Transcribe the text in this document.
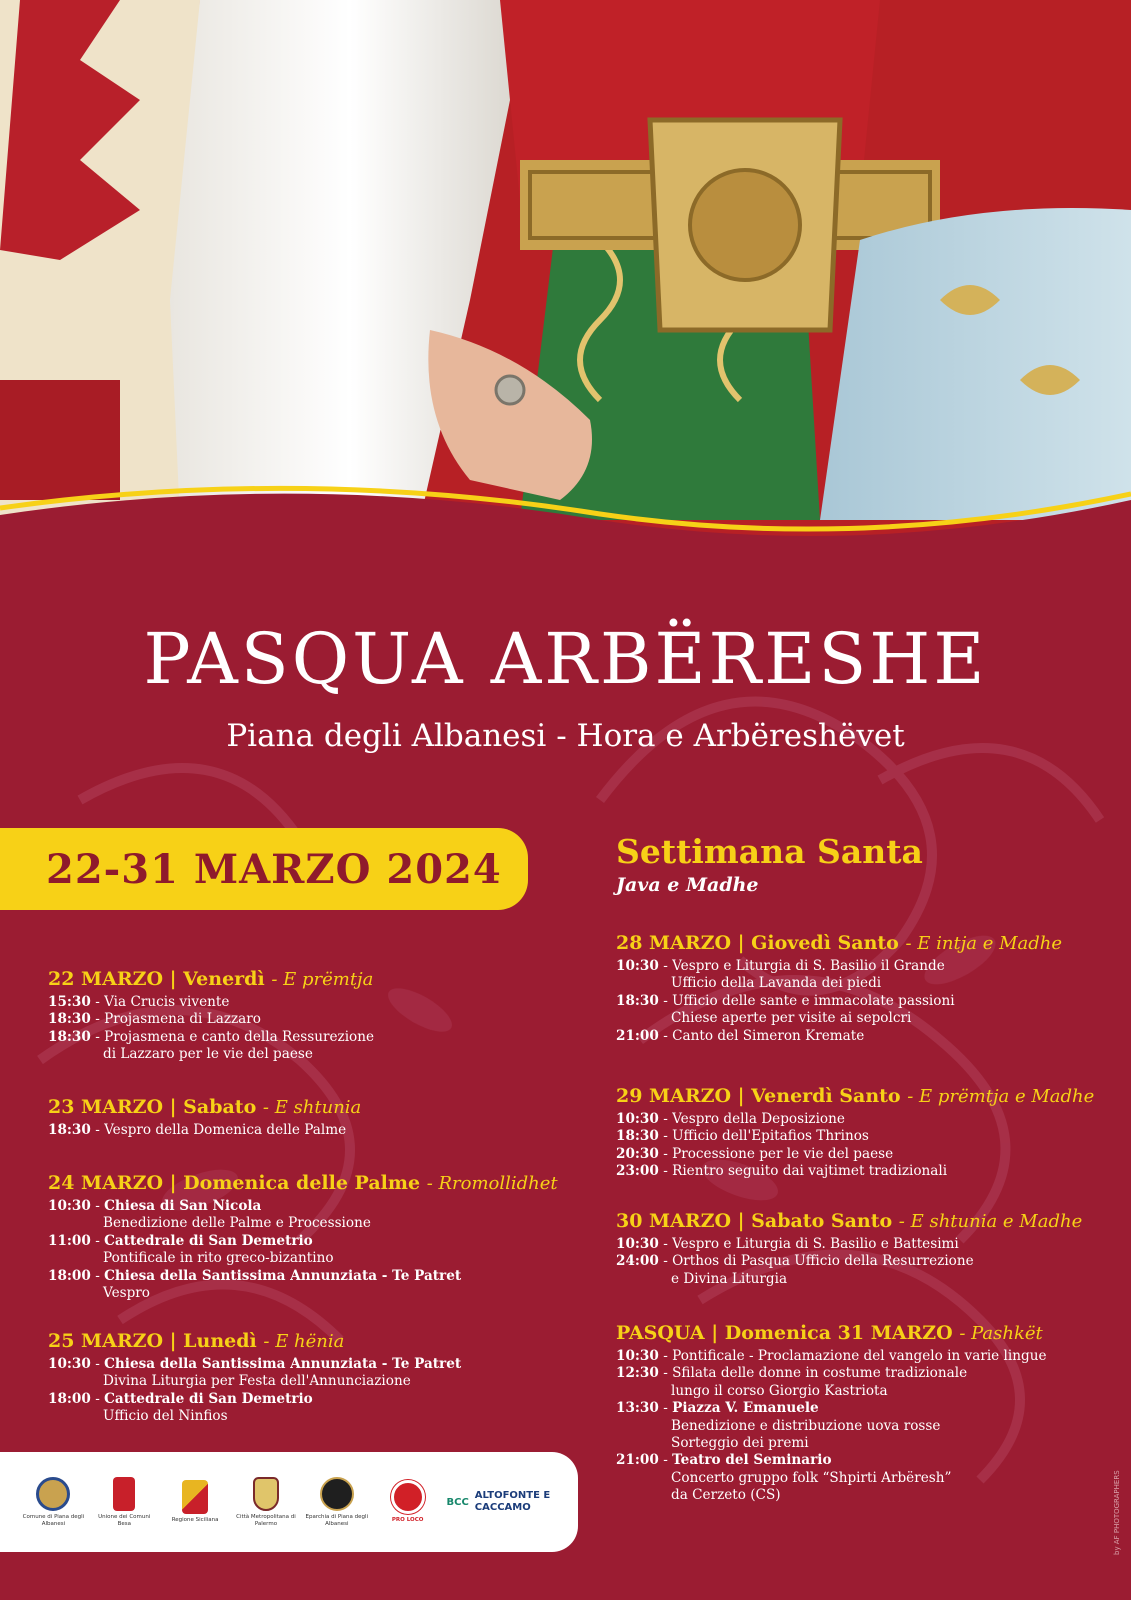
PASQUA ARBËRESHE
Piana degli Albanesi - Hora e Arbëreshëvet
22-31 MARZO 2024	Settimana Santa
Java e Madhe
22 MARZO | Venerdì - E prëmtja
15:30 - Via Crucis vivente
18:30 - Projasmena di Lazzaro
18:30 - Projasmena e canto della Ressurezione
di Lazzaro per le vie del paese
23 MARZO | Sabato - E shtunia
18:30 - Vespro della Domenica delle Palme
24 MARZO | Domenica delle Palme - Rromollidhet
10:30 - Chiesa di San Nicola
Benedizione delle Palme e Processione
11:00 - Cattedrale di San Demetrio
Pontificale in rito greco-bizantino
18:00 - Chiesa della Santissima Annunziata - Te Patret
Vespro
25 MARZO | Lunedì - E hënia
10:30 - Chiesa della Santissima Annunziata - Te Patret
Divina Liturgia per Festa dell'Annunciazione
18:00 - Cattedrale di San Demetrio
Ufficio del Ninfios
28 MARZO | Giovedì Santo - E intja e Madhe
10:30 - Vespro e Liturgia di S. Basilio il Grande
Ufficio della Lavanda dei piedi
18:30 - Ufficio delle sante e immacolate passioni
Chiese aperte per visite ai sepolcri
21:00 - Canto del Simeron Kremate
29 MARZO | Venerdì Santo - E prëmtja e Madhe
10:30 - Vespro della Deposizione
18:30 - Ufficio dell'Epitafios Thrinos
20:30 - Processione per le vie del paese
23:00 - Rientro seguito dai vajtimet tradizionali
30 MARZO | Sabato Santo - E shtunia e Madhe
10:30 - Vespro e Liturgia di S. Basilio e Battesimi
24:00 - Orthos di Pasqua Ufficio della Resurrezione
e Divina Liturgia
PASQUA | Domenica 31 MARZO - Pashkët
10:30 - Pontificale - Proclamazione del vangelo in varie lingue
12:30 - Sfilata delle donne in costume tradizionale
lungo il corso Giorgio Kastriota
13:30 - Piazza V. Emanuele
Benedizione e distribuzione uova rosse
Sorteggio dei premi
21:00 - Teatro del Seminario
Concerto gruppo folk “Shpirti Arbëresh”
da Cerzeto (CS)
Comune di Piana degli Albanesi
Unione dei Comuni Besa
Regione Siciliana
Città Metropolitana di Palermo
Eparchia di Piana degli Albanesi
PRO LOCO
BCC
ALTOFONTE E CACCAMO	by AF PHOTOGRAPHERS
